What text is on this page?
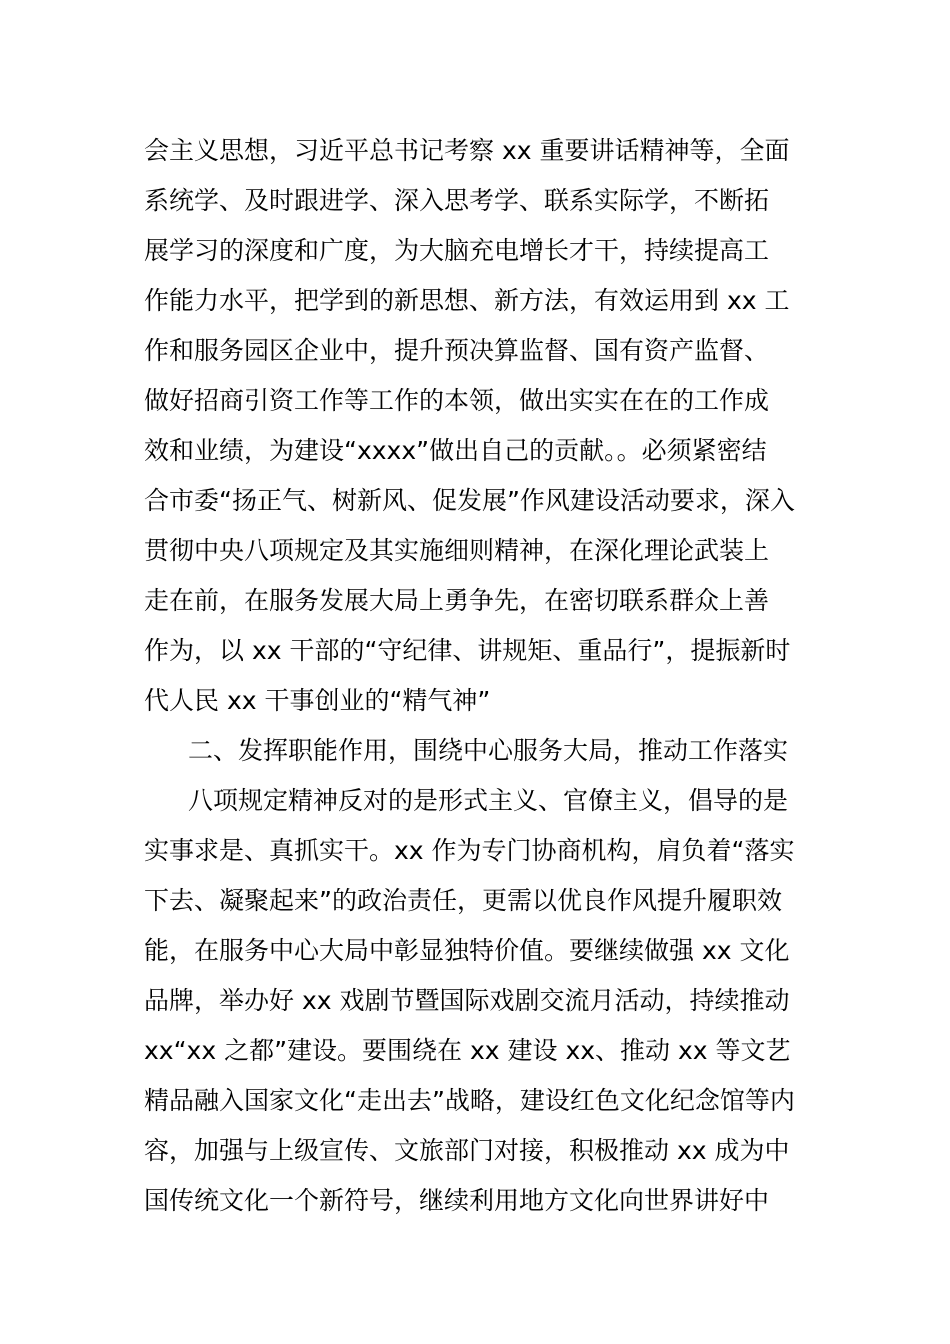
会主义思想，习近平总书记考察 xx 重要讲话精神等，全面
系统学、及时跟进学、深入思考学、联系实际学，不断拓
展学习的深度和广度，为大脑充电增长才干，持续提高工
作能力水平，把学到的新思想、新方法，有效运用到 xx 工
作和服务园区企业中，提升预决算监督、国有资产监督、
做好招商引资工作等工作的本领，做出实实在在的工作成
效和业绩，为建设“xxxx”做出自己的贡献。。必须紧密结
合市委“扬正气、树新风、促发展”作风建设活动要求，深入
贯彻中央八项规定及其实施细则精神，在深化理论武装上
走在前，在服务发展大局上勇争先，在密切联系群众上善
作为，以 xx 干部的“守纪律、讲规矩、重品行”，提振新时
代人民 xx 干事创业的“精气神”
二、发挥职能作用，围绕中心服务大局，推动工作落实
八项规定精神反对的是形式主义、官僚主义，倡导的是
实事求是、真抓实干。xx 作为专门协商机构，肩负着“落实
下去、凝聚起来”的政治责任，更需以优良作风提升履职效
能，在服务中心大局中彰显独特价值。要继续做强 xx 文化
品牌，举办好 xx 戏剧节暨国际戏剧交流月活动，持续推动
xx“xx 之都”建设。要围绕在 xx 建设 xx、推动 xx 等文艺
精品融入国家文化“走出去”战略，建设红色文化纪念馆等内
容，加强与上级宣传、文旅部门对接，积极推动 xx 成为中
国传统文化一个新符号，继续利用地方文化向世界讲好中
